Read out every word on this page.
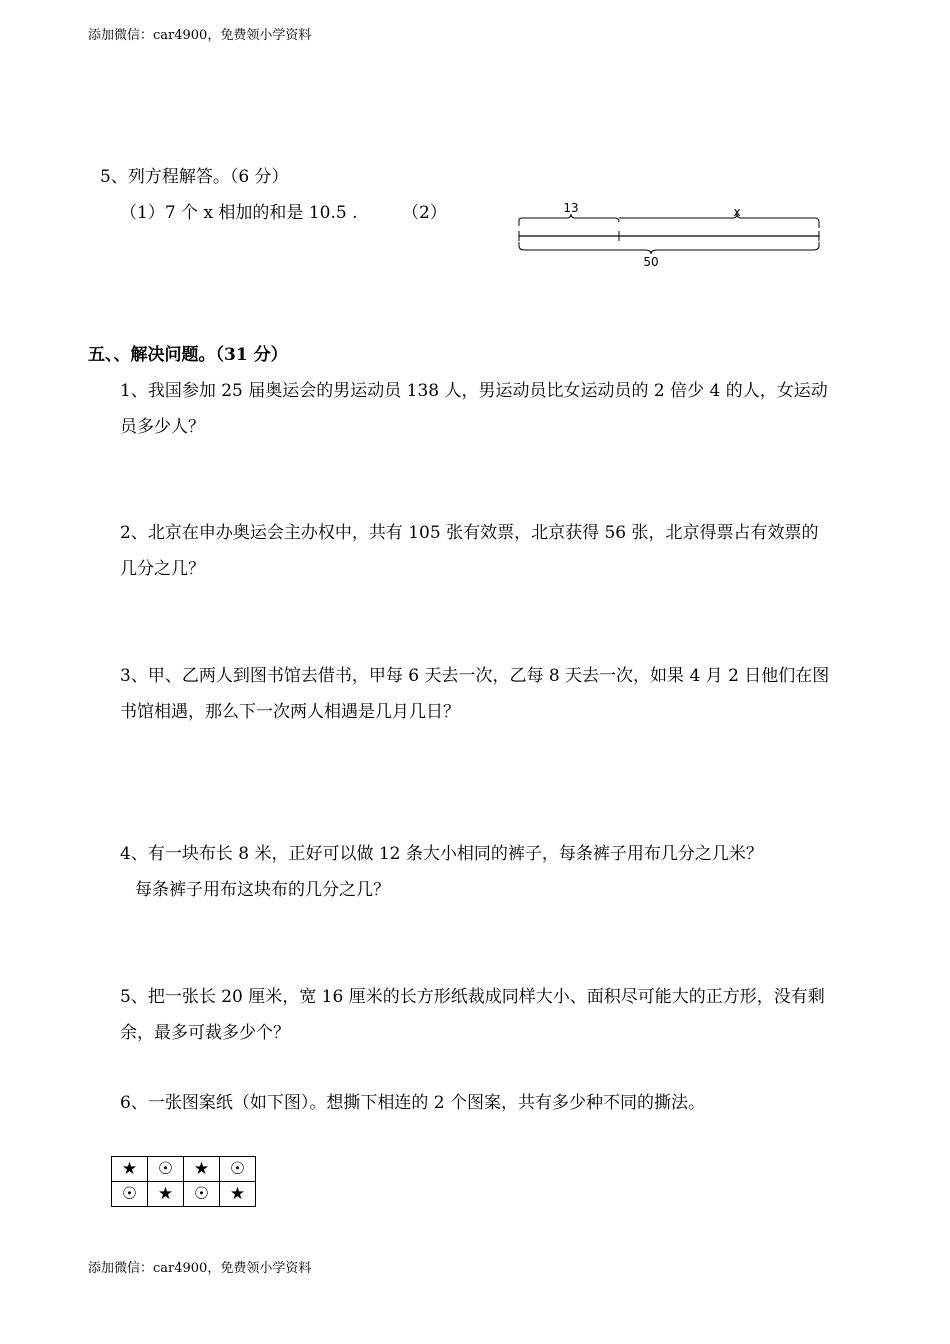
添加微信：car4900，免费领小学资料
5、列方程解答。（6 分）
（1）7 个 x 相加的和是 10.5 .	（2）	13	x
50
五、、解决问题。（31 分）
1、我国参加 25 届奥运会的男运动员 138 人，男运动员比女运动员的 2 倍少 4 的人，女运动
员多少人？
2、北京在申办奥运会主办权中，共有 105 张有效票，北京获得 56 张，北京得票占有效票的
几分之几？
3、甲、乙两人到图书馆去借书，甲每 6 天去一次，乙每 8 天去一次，如果 4 月 2 日他们在图
书馆相遇，那么下一次两人相遇是几月几日？
4、有一块布长 8 米，正好可以做 12 条大小相同的裤子，每条裤子用布几分之几米？
每条裤子用布这块布的几分之几？
5、把一张长 20 厘米，宽 16 厘米的长方形纸裁成同样大小、面积尽可能大的正方形，没有剩
余，最多可裁多少个？
6、一张图案纸（如下图）。想撕下相连的 2 个图案，共有多少种不同的撕法。
★	☉	★	☉
☉	★	☉	★
添加微信：car4900，免费领小学资料
